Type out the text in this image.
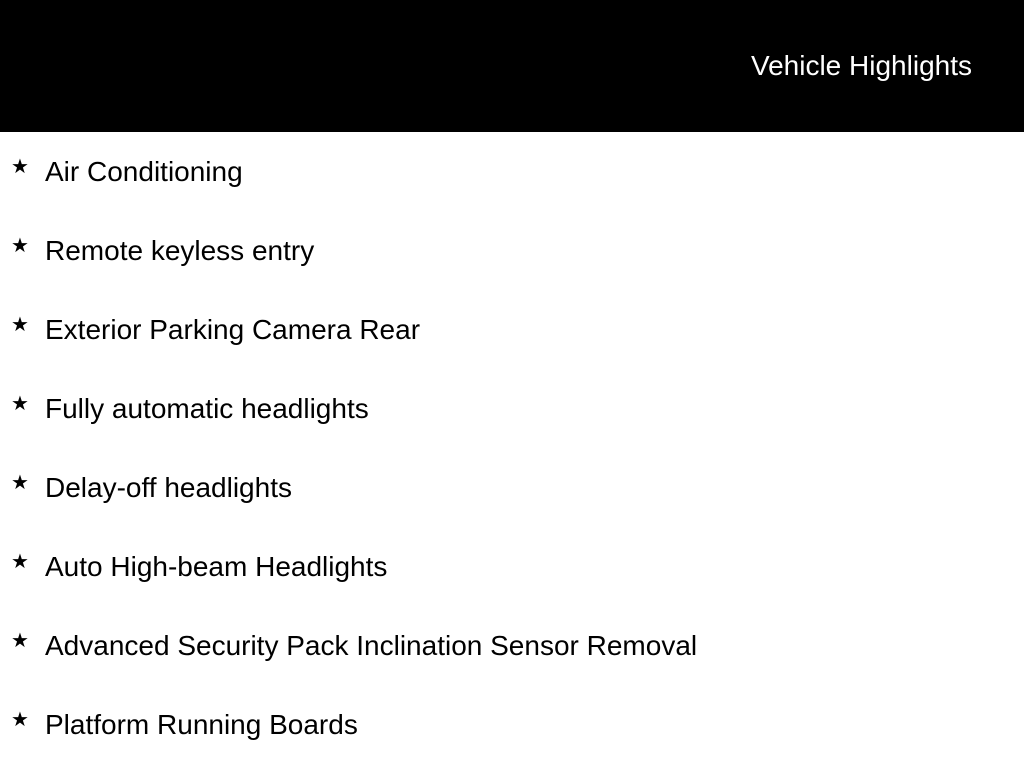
Vehicle Highlights
★ Air Conditioning
★ Remote keyless entry
★ Exterior Parking Camera Rear
★ Fully automatic headlights
★ Delay-off headlights
★ Auto High-beam Headlights
★ Advanced Security Pack Inclination Sensor Removal
★ Platform Running Boards
